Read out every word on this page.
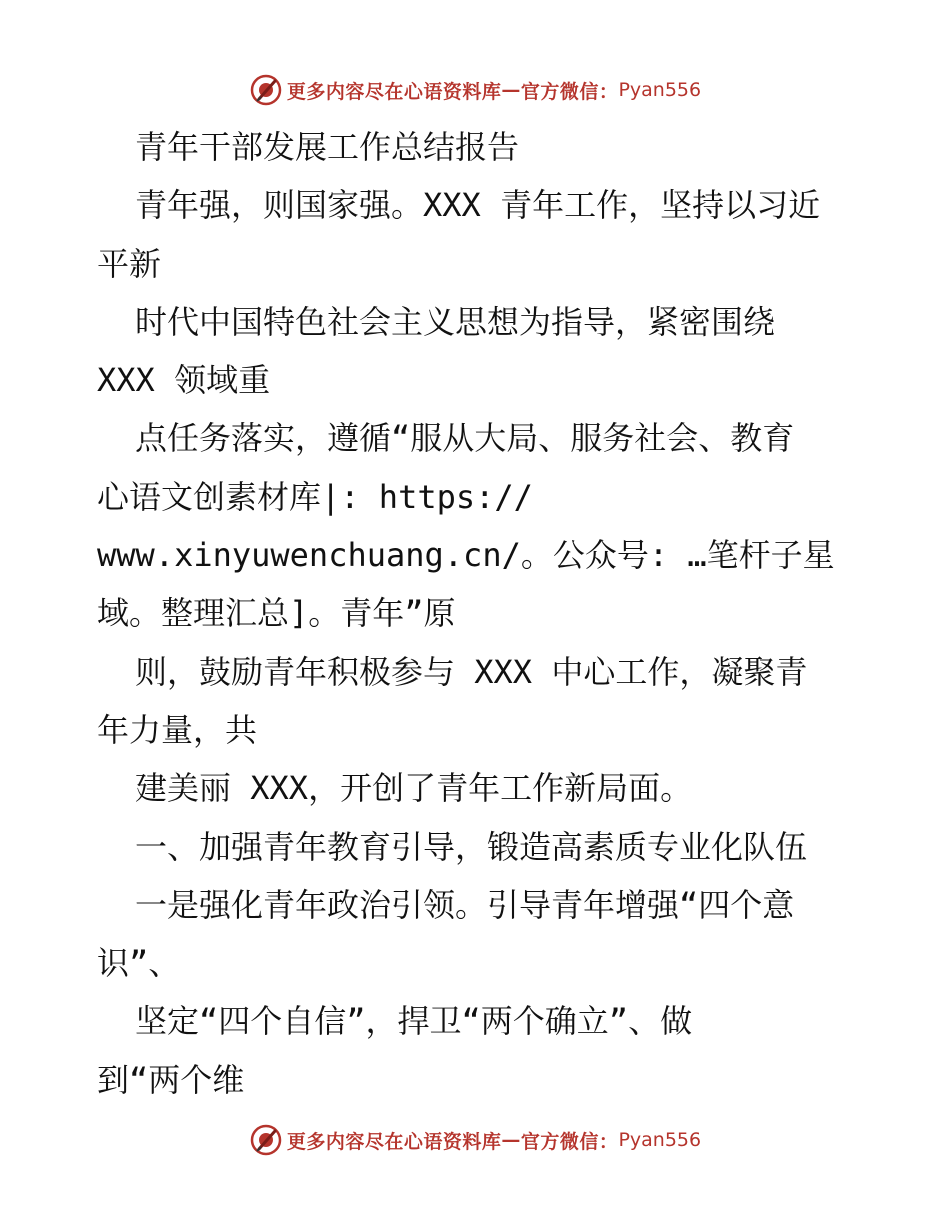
更多内容尽在心语资料库 — 官方微信： Pyan556
青年干部发展工作总结报告
青年强，则国家强。XXX 青年工作，坚持以习近
平新
时代中国特色社会主义思想为指导，紧密围绕
XXX 领域重
点任务落实，遵循“服从大局、服务社会、教育
心语文创素材库|: https://
www.xinyuwenchuang.cn/。公众号: …笔杆子星
域。整理汇总]。青年”原
则，鼓励青年积极参与 XXX 中心工作，凝聚青
年力量，共
建美丽 XXX，开创了青年工作新局面。
一、加强青年教育引导，锻造高素质专业化队伍
一是强化青年政治引领。引导青年增强“四个意
识”、
坚定“四个自信”，捍卫“两个确立”、做
到“两个维
更多内容尽在心语资料库 — 官方微信： Pyan556
